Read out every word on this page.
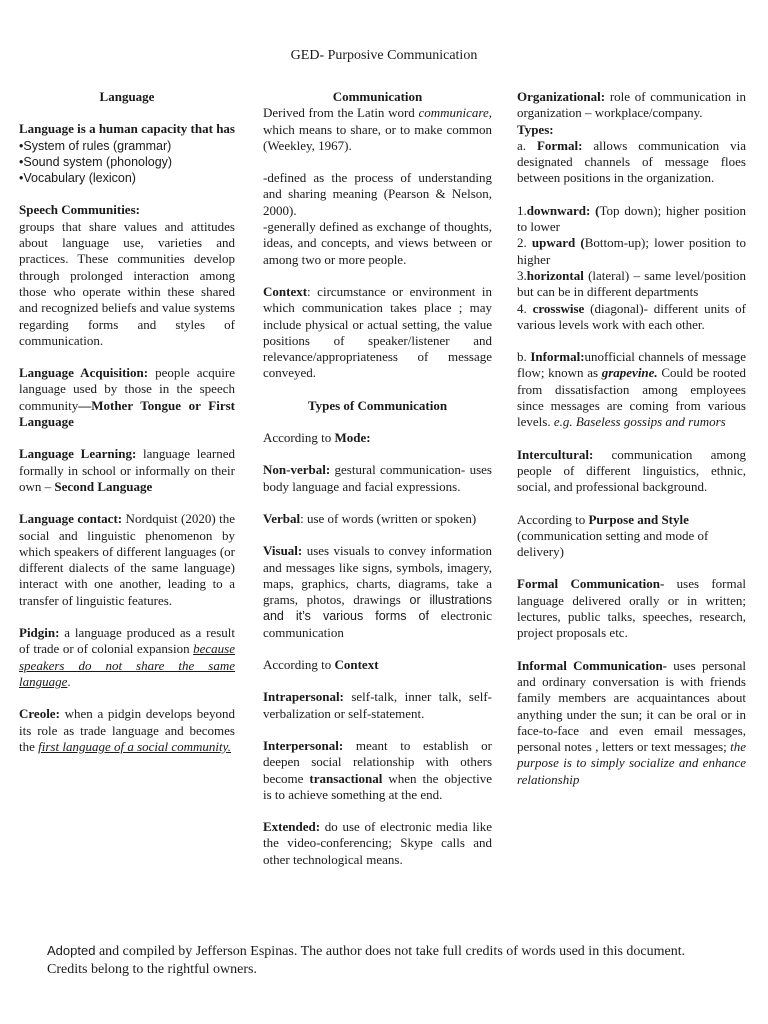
GED- Purposive Communication
Language
Language is a human capacity that has
•System of rules (grammar)
•Sound system (phonology)
•Vocabulary (lexicon)
Speech Communities:
groups that share values and attitudes about language use, varieties and practices. These communities develop through prolonged interaction among those who operate within these shared and recognized beliefs and value systems regarding forms and styles of communication.
Language Acquisition: people acquire language used by those in the speech community—Mother Tongue or First Language
Language Learning: language learned formally in school or informally on their own – Second Language
Language contact: Nordquist (2020) the social and linguistic phenomenon by which speakers of different languages (or different dialects of the same language) interact with one another, leading to a transfer of linguistic features.
Pidgin: a language produced as a result of trade or of colonial expansion because speakers do not share the same language.
Creole: when a pidgin develops beyond its role as trade language and becomes the first language of a social community.
Communication
Derived from the Latin word communicare, which means to share, or to make common (Weekley, 1967).
-defined as the process of understanding and sharing meaning (Pearson & Nelson, 2000).
-generally defined as exchange of thoughts, ideas, and concepts, and views between or among two or more people.
Context: circumstance or environment in which communication takes place ; may include physical or actual setting, the value positions of speaker/listener and relevance/appropriateness of message conveyed.
Types of Communication
According to Mode:
Non-verbal: gestural communication- uses body language and facial expressions.
Verbal: use of words (written or spoken)
Visual: uses visuals to convey information and messages like signs, symbols, imagery, maps, graphics, charts, diagrams, take a grams, photos, drawings or illustrations and it’s various forms of electronic communication
According to Context
Intrapersonal: self-talk, inner talk, self-verbalization or self-statement.
Interpersonal: meant to establish or deepen social relationship with others become transactional when the objective is to achieve something at the end.
Extended: do use of electronic media like the video-conferencing; Skype calls and other technological means.
Organizational: role of communication in organization – workplace/company.
Types:
a. Formal: allows communication via designated channels of message floes between positions in the organization.
1.downward: (Top down); higher position to lower
2. upward (Bottom-up); lower position to higher
3.horizontal (lateral) – same level/position but can be in different departments
4. crosswise (diagonal)- different units of various levels work with each other.
b. Informal:unofficial channels of message flow; known as grapevine. Could be rooted from dissatisfaction among employees since messages are coming from various levels. e.g. Baseless gossips and rumors
Intercultural: communication among people of different linguistics, ethnic, social, and professional background.
According to Purpose and Style
(communication setting and mode of delivery)
Formal Communication- uses formal language delivered orally or in written; lectures, public talks, speeches, research, project proposals etc.
Informal Communication- uses personal and ordinary conversation is with friends family members are acquaintances about anything under the sun; it can be oral or in face-to-face and even email messages, personal notes , letters or text messages; the purpose is to simply socialize and enhance relationship
Adopted and compiled by Jefferson Espinas. The author does not take full credits of words used in this document. Credits belong to the rightful owners.
